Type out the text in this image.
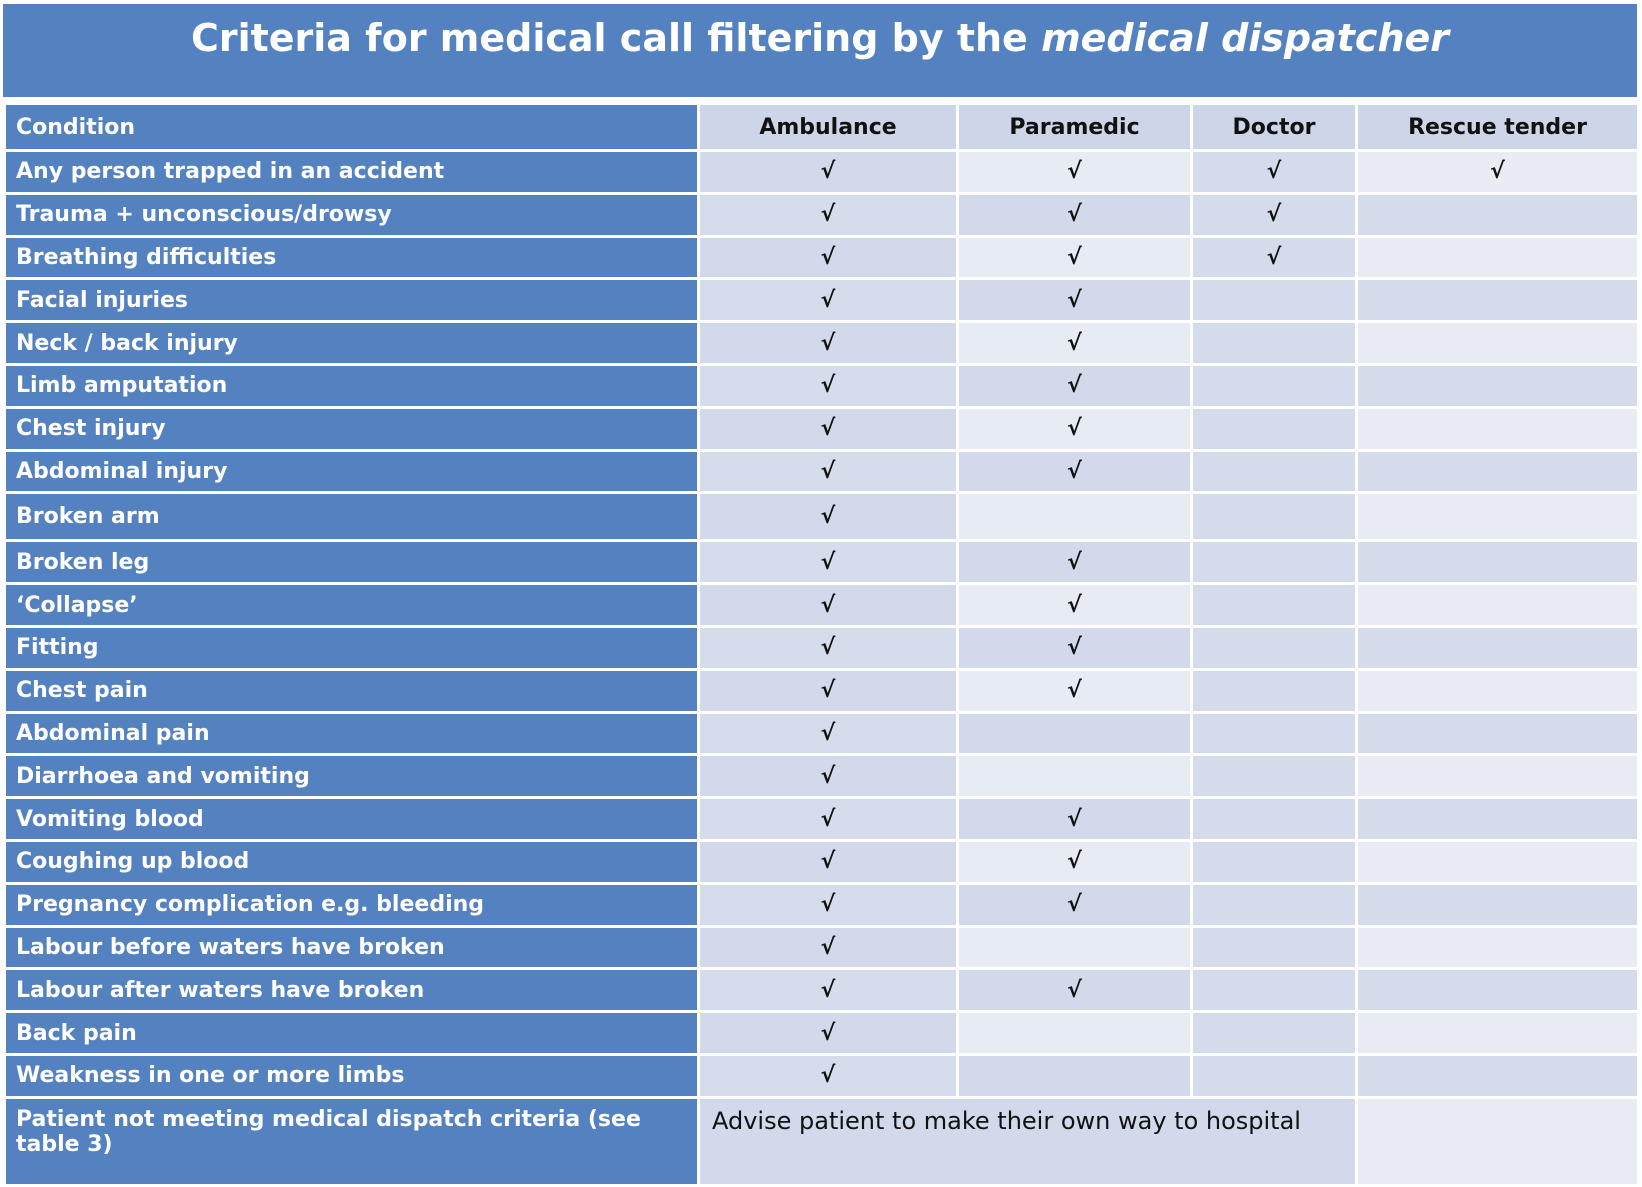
Criteria for medical call filtering by the medical dispatcher
Condition	Ambulance	Paramedic	Doctor	Rescue tender
Any person trapped in an accident	√	√	√	√
Trauma + unconscious/drowsy	√	√	√	
Breathing difficulties	√	√	√	
Facial injuries	√	√		
Neck / back injury	√	√		
Limb amputation	√	√		
Chest injury	√	√		
Abdominal injury	√	√		
Broken arm	√			
Broken leg	√	√		
‘Collapse’	√	√		
Fitting	√	√		
Chest pain	√	√		
Abdominal pain	√			
Diarrhoea and vomiting	√			
Vomiting blood	√	√		
Coughing up blood	√	√		
Pregnancy complication e.g. bleeding	√	√		
Labour before waters have broken	√			
Labour after waters have broken	√	√		
Back pain	√			
Weakness in one or more limbs	√			
Patient not meeting medical dispatch criteria (see table 3)	Advise patient to make their own way to hospital			
